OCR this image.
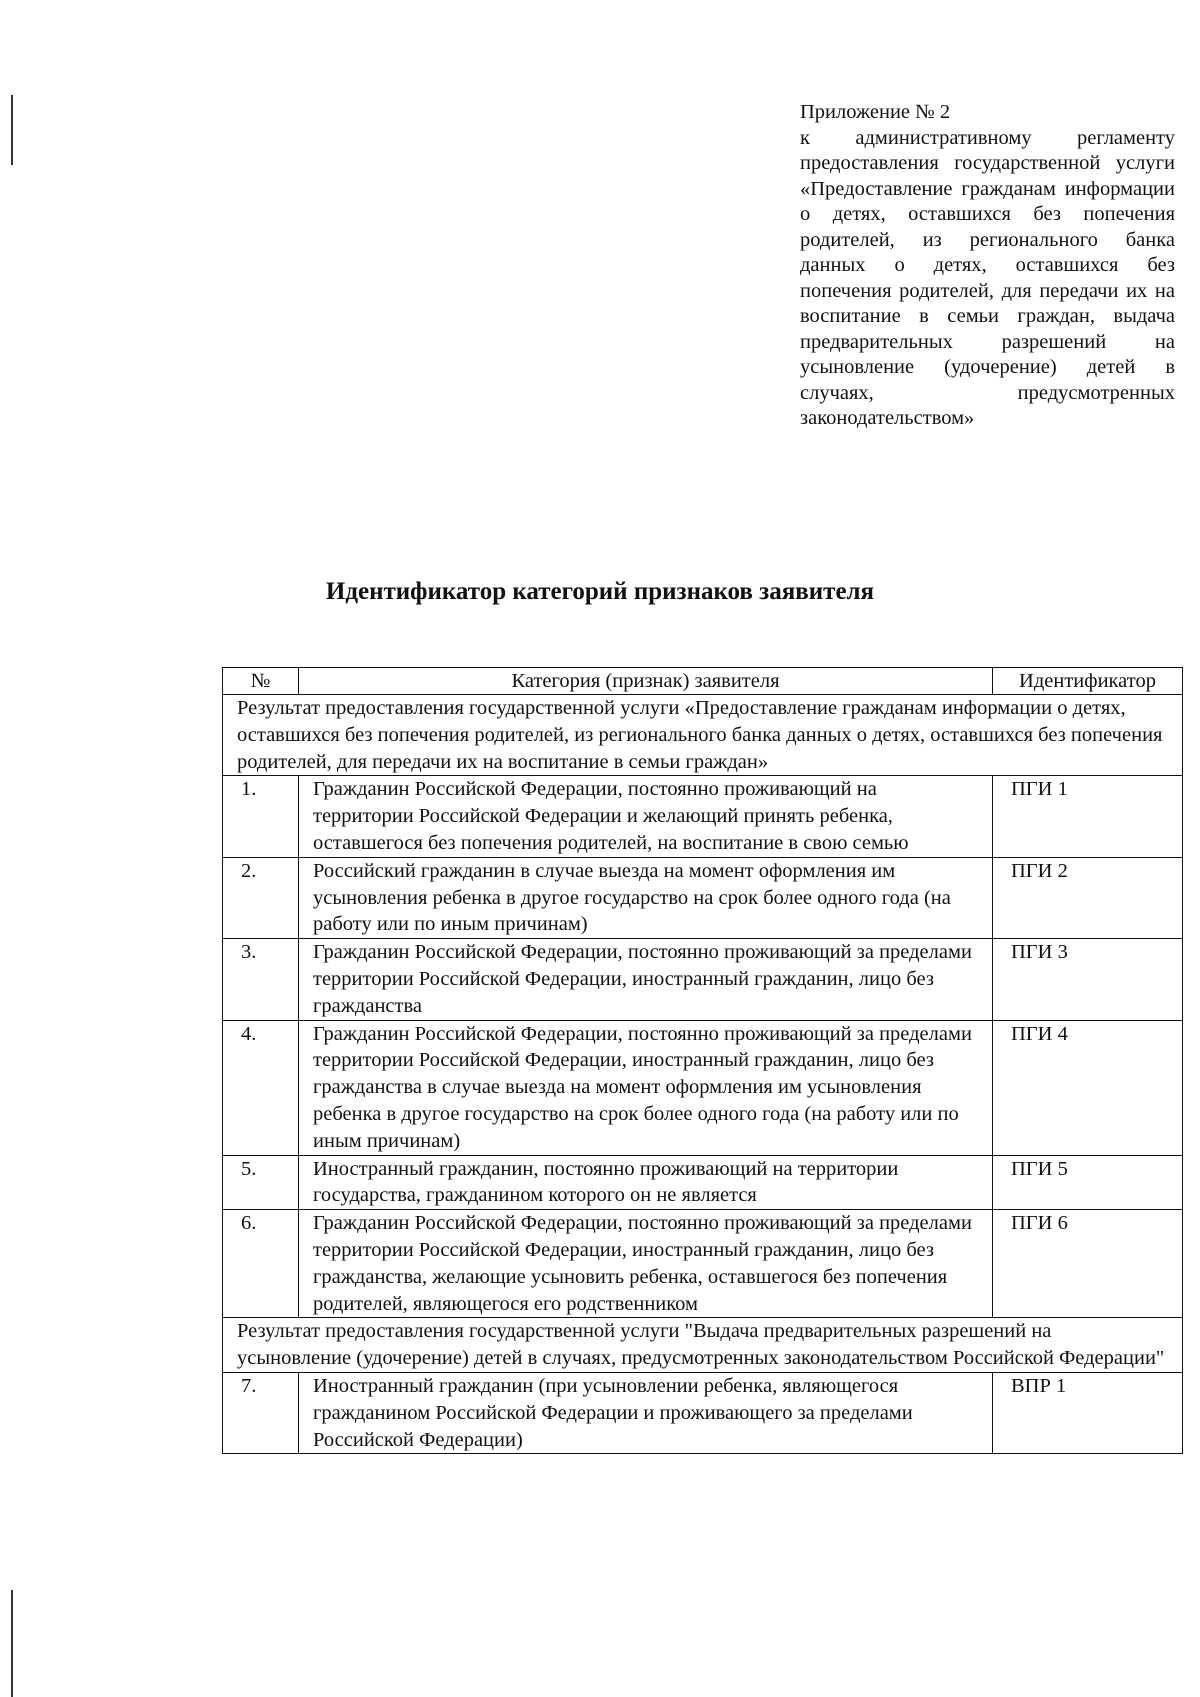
Приложение № 2
к административному регламенту предоставления государственной услуги «Предоставление гражданам информации о детях, оставшихся без попечения родителей, из регионального банка данных о детях, оставшихся без попечения родителей, для передачи их на воспитание в семьи граждан, выдача предварительных разрешений на усыновление (удочерение) детей в случаях, предусмотренных законодательством»
Идентификатор категорий признаков заявителя
№	Категория (признак) заявителя	Идентификатор
Результат предоставления государственной услуги «Предоставление гражданам информации о детях, оставшихся без попечения родителей, из регионального банка данных о детях, оставшихся без попечения родителей, для передачи их на воспитание в семьи граждан»		
1.	Гражданин Российской Федерации, постоянно проживающий на территории Российской Федерации и желающий принять ребенка, оставшегося без попечения родителей, на воспитание в свою семью	ПГИ 1
2.	Российский гражданин в случае выезда на момент оформления им усыновления ребенка в другое государство на срок более одного года (на работу или по иным причинам)	ПГИ 2
3.	Гражданин Российской Федерации, постоянно проживающий за пределами территории Российской Федерации, иностранный гражданин, лицо без гражданства	ПГИ 3
4.	Гражданин Российской Федерации, постоянно проживающий за пределами территории Российской Федерации, иностранный гражданин, лицо без гражданства в случае выезда на момент оформления им усыновления ребенка в другое государство на срок более одного года (на работу или по иным причинам)	ПГИ 4
5.	Иностранный гражданин, постоянно проживающий на территории государства, гражданином которого он не является	ПГИ 5
6.	Гражданин Российской Федерации, постоянно проживающий за пределами территории Российской Федерации, иностранный гражданин, лицо без гражданства, желающие усыновить ребенка, оставшегося без попечения родителей, являющегося его родственником	ПГИ 6
Результат предоставления государственной услуги "Выдача предварительных разрешений на усыновление (удочерение) детей в случаях, предусмотренных законодательством Российской Федерации"		
7.	Иностранный гражданин (при усыновлении ребенка, являющегося гражданином Российской Федерации и проживающего за пределами Российской Федерации)	ВПР 1
